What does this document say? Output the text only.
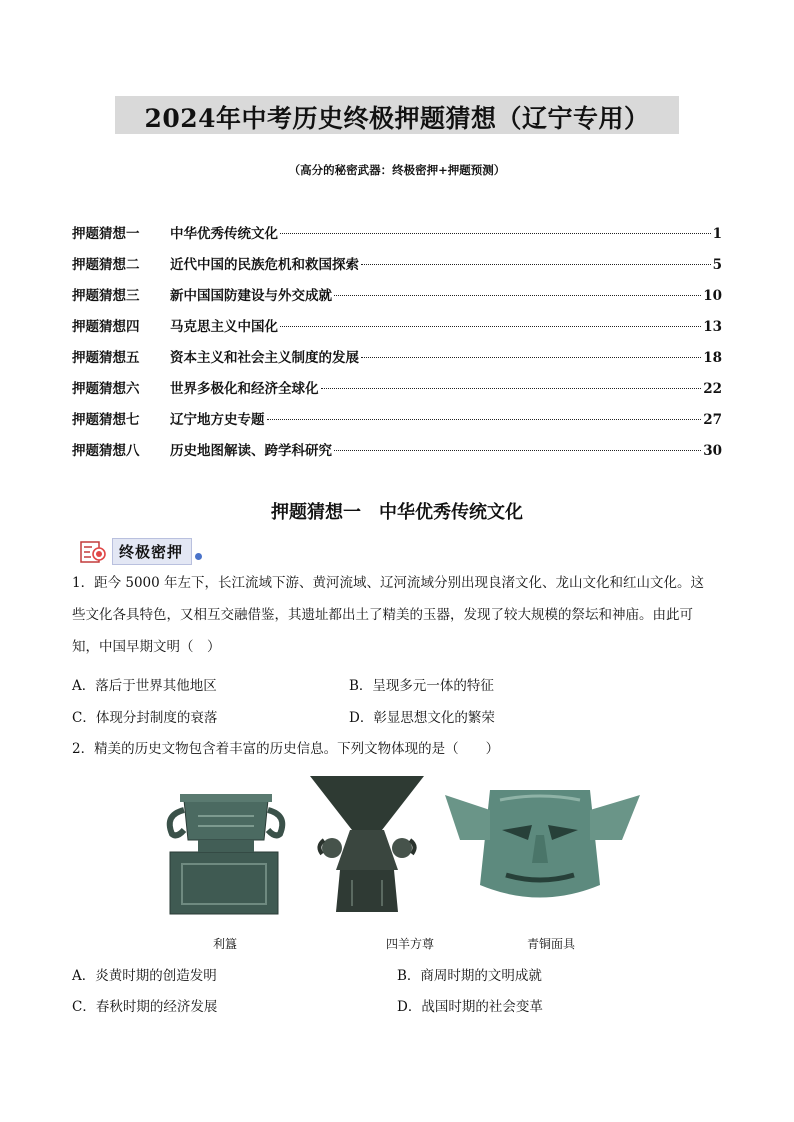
2024年中考历史终极押题猜想（辽宁专用）
（高分的秘密武器：终极密押+押题预测）
押题猜想一	中华优秀传统文化	1
押题猜想二	近代中国的民族危机和救国探索	5
押题猜想三	新中国国防建设与外交成就	10
押题猜想四	马克思主义中国化	13
押题猜想五	资本主义和社会主义制度的发展	18
押题猜想六	世界多极化和经济全球化	22
押题猜想七	辽宁地方史专题	27
押题猜想八	历史地图解读、跨学科研究	30
押题猜想一　中华优秀传统文化
终极密押
1．距今 5000 年左下，长江流域下游、黄河流域、辽河流域分别出现良渚文化、龙山文化和红山文化。这
些文化各具特色，又相互交融借鉴，其遗址都出土了精美的玉器，发现了较大规模的祭坛和神庙。由此可
知，中国早期文明（　）
A．落后于世界其他地区	B．呈现多元一体的特征
C．体现分封制度的衰落	D．彰显思想文化的繁荣
2．精美的历史文物包含着丰富的历史信息。下列文物体现的是（　　）
利簋	四羊方尊	青铜面具
A．炎黄时期的创造发明	B．商周时期的文明成就
C．春秋时期的经济发展	D．战国时期的社会变革
